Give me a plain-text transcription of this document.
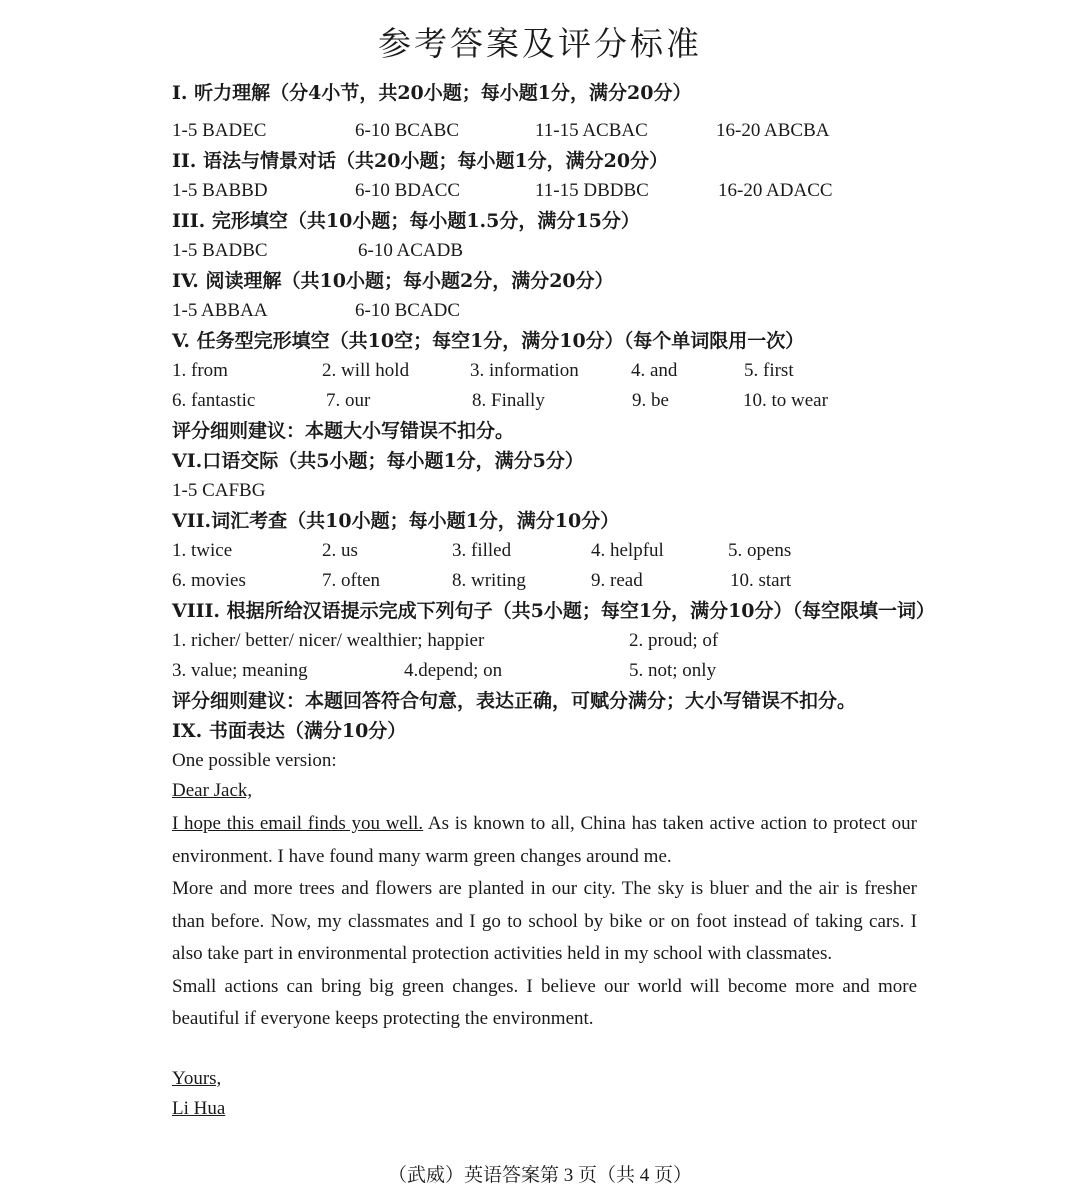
参考答案及评分标准
I. 听力理解（分4小节，共20小题；每小题1分，满分20分）
1-5 BADEC	6-10 BCABC	11-15 ACBAC	16-20 ABCBA
II. 语法与情景对话（共20小题；每小题1分，满分20分）
1-5 BABBD	6-10 BDACC	11-15 DBDBC	16-20 ADACC
III. 完形填空（共10小题；每小题1.5分，满分15分）
1-5 BADBC	6-10 ACADB
IV. 阅读理解（共10小题；每小题2分，满分20分）
1-5 ABBAA	6-10 BCADC
V. 任务型完形填空（共10空；每空1分，满分10分）（每个单词限用一次）
1. from	2. will hold	3. information	4. and	5. first
6. fantastic	7. our	8. Finally	9. be	10. to wear
评分细则建议：本题大小写错误不扣分。
VI.口语交际（共5小题；每小题1分，满分5分）
1-5 CAFBG
VII.词汇考查（共10小题；每小题1分，满分10分）
1. twice	2. us	3. filled	4. helpful	5. opens
6. movies	7. often	8. writing	9. read	10. start
VIII. 根据所给汉语提示完成下列句子（共5小题；每空1分，满分10分）（每空限填一词）
1. richer/ better/ nicer/ wealthier; happier	2. proud; of
3. value; meaning	4.depend; on	5. not; only
评分细则建议：本题回答符合句意，表达正确，可赋分满分；大小写错误不扣分。
IX. 书面表达（满分10分）
One possible version:
Dear Jack,
I hope this email finds you well. As is known to all, China has taken active action to protect our environment. I have found many warm green changes around me.
More and more trees and flowers are planted in our city. The sky is bluer and the air is fresher than before. Now, my classmates and I go to school by bike or on foot instead of taking cars. I also take part in environmental protection activities held in my school with classmates.
Small actions can bring big green changes. I believe our world will become more and more beautiful if everyone keeps protecting the environment.
Yours,
Li Hua
（武威）英语答案第 3 页（共 4 页）
